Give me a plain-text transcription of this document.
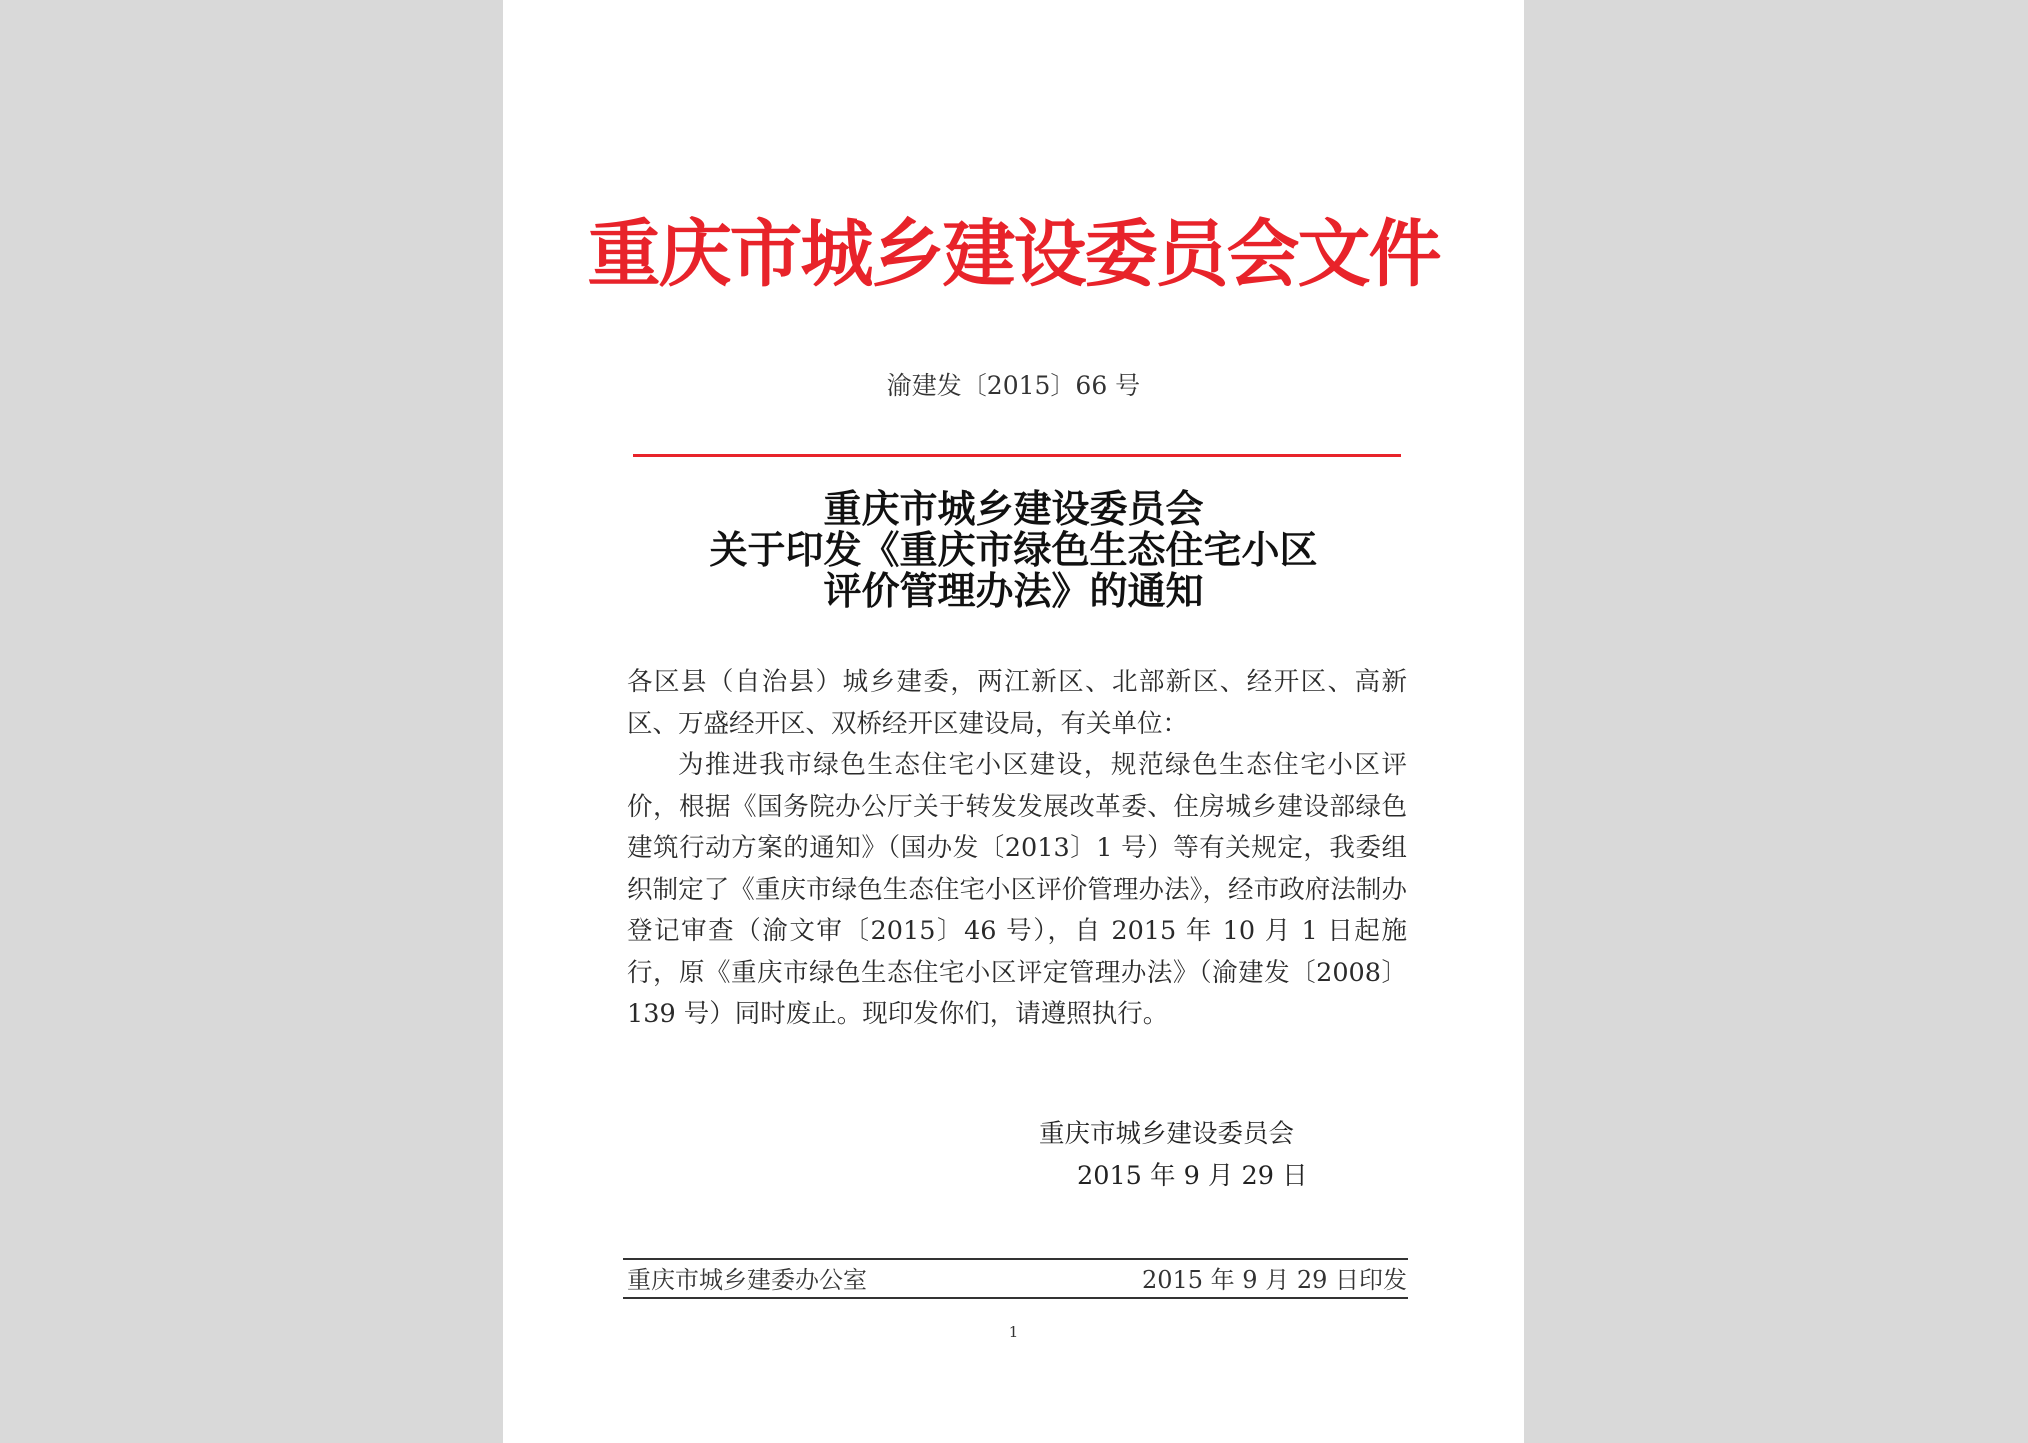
重庆市城乡建设委员会文件
渝建发〔2015〕66 号
重庆市城乡建设委员会
关于印发《重庆市绿色生态住宅小区
评价管理办法》的通知

各区县（自治县）城乡建委，两江新区、北部新区、经开区、高新区、万盛经开区、双桥经开区建设局，有关单位：

为推进我市绿色生态住宅小区建设，规范绿色生态住宅小区评价，根据《国务院办公厅关于转发发展改革委、住房城乡建设部绿色建筑行动方案的通知》（国办发〔2013〕1 号）等有关规定，我委组织制定了《重庆市绿色生态住宅小区评价管理办法》，经市政府法制办登记审查（渝文审〔2015〕46 号），自 2015 年 10 月 1 日起施行，原《重庆市绿色生态住宅小区评定管理办法》（渝建发〔2008〕139 号）同时废止。现印发你们，请遵照执行。

重庆市城乡建设委员会
2015 年 9 月 29 日
重庆市城乡建委办公室	2015 年 9 月 29 日印发
1
